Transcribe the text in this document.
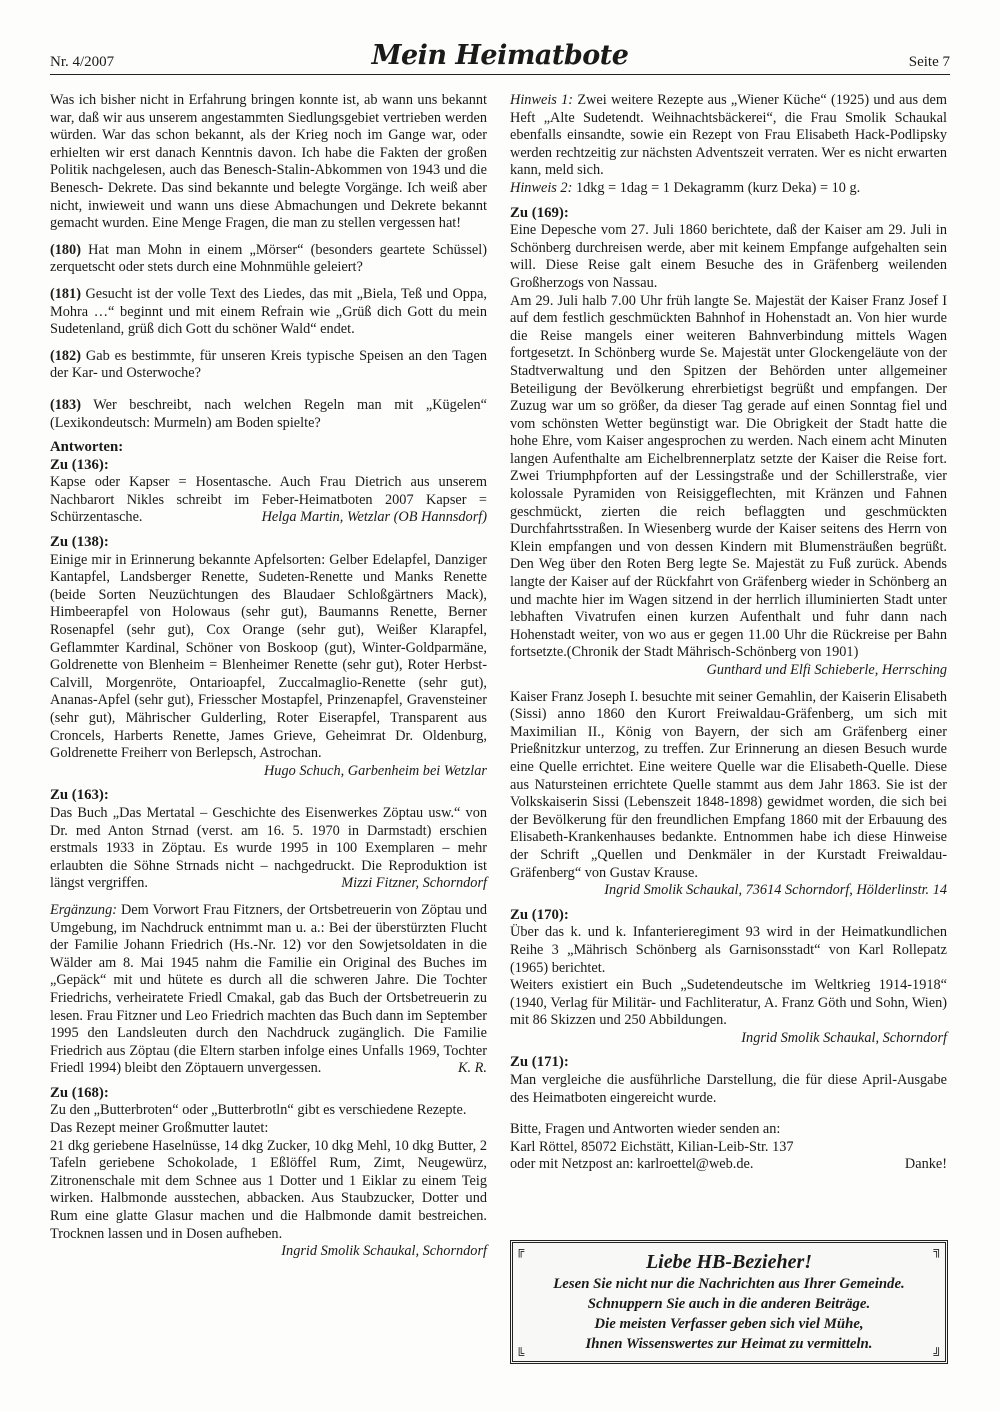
Nr. 4/2007	Mein Heimatbote	Seite 7

Was ich bisher nicht in Erfahrung bringen konnte ist, ab wann uns bekannt war, daß wir aus unserem angestammten Siedlungsgebiet vertrieben werden würden. War das schon bekannt, als der Krieg noch im Gange war, oder erhielten wir erst danach Kenntnis davon. Ich habe die Fakten der großen Politik nachgelesen, auch das Benesch-Stalin-Abkommen von 1943 und die Benesch- Dekrete. Das sind bekannte und belegte Vorgänge. Ich weiß aber nicht, inwieweit und wann uns diese Abmachungen und Dekrete bekannt gemacht wurden. Eine Menge Fragen, die man zu stellen vergessen hat!

(180) Hat man Mohn in einem „Mörser“ (besonders geartete Schüssel) zerquetscht oder stets durch eine Mohnmühle geleiert?

(181) Gesucht ist der volle Text des Liedes, das mit „Biela, Teß und Oppa, Mohra …“ beginnt und mit einem Refrain wie „Grüß dich Gott du mein Sudetenland, grüß dich Gott du schöner Wald“ endet.

(182) Gab es bestimmte, für unseren Kreis typische Speisen an den Tagen der Kar- und Osterwoche?

(183) Wer beschreibt, nach welchen Regeln man mit „Kügelen“ (Lexikondeutsch: Murmeln) am Boden spielte?

Antworten:

Zu (136):

Kapse oder Kapser = Hosentasche. Auch Frau Dietrich aus unserem Nachbarort Nikles schreibt im Feber-Heimatboten 2007 Kapser = Schürzentasche.	Helga Martin, Wetzlar (OB Hannsdorf)

Zu (138):

Einige mir in Erinnerung bekannte Apfelsorten: Gelber Edelapfel, Danziger Kantapfel, Landsberger Renette, Sudeten-Renette und Manks Renette (beide Sorten Neuzüchtungen des Blaudaer Schloßgärtners Mack), Himbeerapfel von Holowaus (sehr gut), Baumanns Renette, Berner Rosenapfel (sehr gut), Cox Orange (sehr gut), Weißer Klarapfel, Geflammter Kardinal, Schöner von Boskoop (gut), Winter-Goldparmäne, Goldrenette von Blenheim = Blenheimer Renette (sehr gut), Roter Herbst-Calvill, Morgenröte, Ontarioapfel, Zuccalmaglio-Renette (sehr gut), Ananas-Apfel (sehr gut), Friesscher Mostapfel, Prinzenapfel, Gravensteiner (sehr gut), Mährischer Gulderling, Roter Eiserapfel, Transparent aus Croncels, Harberts Renette, James Grieve, Geheimrat Dr. Oldenburg, Goldrenette Freiherr von Berlepsch, Astrochan.

Hugo Schuch, Garbenheim bei Wetzlar

Zu (163):

Das Buch „Das Mertatal – Geschichte des Eisenwerkes Zöptau usw.“ von Dr. med Anton Strnad (verst. am 16. 5. 1970 in Darmstadt) erschien erstmals 1933 in Zöptau. Es wurde 1995 in 100 Exemplaren – mehr erlaubten die Söhne Strnads nicht – nachgedruckt. Die Reproduktion ist längst vergriffen.	Mizzi Fitzner, Schorndorf

Ergänzung: Dem Vorwort Frau Fitzners, der Ortsbetreuerin von Zöptau und Umgebung, im Nachdruck entnimmt man u. a.: Bei der überstürzten Flucht der Familie Johann Friedrich (Hs.-Nr. 12) vor den Sowjetsoldaten in die Wälder am 8. Mai 1945 nahm die Familie ein Original des Buches im „Gepäck“ mit und hütete es durch all die schweren Jahre. Die Tochter Friedrichs, verheiratete Friedl Cmakal, gab das Buch der Ortsbetreuerin zu lesen. Frau Fitzner und Leo Friedrich machten das Buch dann im September 1995 den Landsleuten durch den Nachdruck zugänglich. Die Familie Friedrich aus Zöptau (die Eltern starben infolge eines Unfalls 1969, Tochter Friedl 1994) bleibt den Zöptauern unvergessen.	K. R.

Zu (168):

Zu den „Butterbroten“ oder „Butterbrotln“ gibt es verschiedene Rezepte.

Das Rezept meiner Großmutter lautet:

21 dkg geriebene Haselnüsse, 14 dkg Zucker, 10 dkg Mehl, 10 dkg Butter, 2 Tafeln geriebene Schokolade, 1 Eßlöffel Rum, Zimt, Neugewürz, Zitronenschale mit dem Schnee aus 1 Dotter und 1 Eiklar zu einem Teig wirken. Halbmonde ausstechen, abbacken. Aus Staubzucker, Dotter und Rum eine glatte Glasur machen und die Halbmonde damit bestreichen. Trocknen lassen und in Dosen aufheben.

Ingrid Smolik Schaukal, Schorndorf

Hinweis 1: Zwei weitere Rezepte aus „Wiener Küche“ (1925) und aus dem Heft „Alte Sudetendt. Weihnachtsbäckerei“, die Frau Smolik Schaukal ebenfalls einsandte, sowie ein Rezept von Frau Elisabeth Hack-Podlipsky werden rechtzeitig zur nächsten Adventszeit verraten. Wer es nicht erwarten kann, meld sich.

Hinweis 2: 1dkg = 1dag = 1 Dekagramm (kurz Deka) = 10 g.

Zu (169):

Eine Depesche vom 27. Juli 1860 berichtete, daß der Kaiser am 29. Juli in Schönberg durchreisen werde, aber mit keinem Empfange aufgehalten sein will. Diese Reise galt einem Besuche des in Gräfenberg weilenden Großherzogs von Nassau.

Am 29. Juli halb 7.00 Uhr früh langte Se. Majestät der Kaiser Franz Josef I auf dem festlich geschmückten Bahnhof in Hohenstadt an. Von hier wurde die Reise mangels einer weiteren Bahnverbindung mittels Wagen fortgesetzt. In Schönberg wurde Se. Majestät unter Glockengeläute von der Stadtverwaltung und den Spitzen der Behörden unter allgemeiner Beteiligung der Bevölkerung ehrerbietigst begrüßt und empfangen. Der Zuzug war um so größer, da dieser Tag gerade auf einen Sonntag fiel und vom schönsten Wetter begünstigt war. Die Obrigkeit der Stadt hatte die hohe Ehre, vom Kaiser angesprochen zu werden. Nach einem acht Minuten langen Aufenthalte am Eichelbrennerplatz setzte der Kaiser die Reise fort. Zwei Triumphpforten auf der Lessingstraße und der Schillerstraße, vier kolossale Pyramiden von Reisiggeflechten, mit Kränzen und Fahnen geschmückt, zierten die reich beflaggten und geschmückten Durchfahrtsstraßen. In Wiesenberg wurde der Kaiser seitens des Herrn von Klein empfangen und von dessen Kindern mit Blumensträußen begrüßt. Den Weg über den Roten Berg legte Se. Majestät zu Fuß zurück. Abends langte der Kaiser auf der Rückfahrt von Gräfenberg wieder in Schönberg an und machte hier im Wagen sitzend in der herrlich illuminierten Stadt unter lebhaften Vivatrufen einen kurzen Aufenthalt und fuhr dann nach Hohenstadt weiter, von wo aus er gegen 11.00 Uhr die Rückreise per Bahn fortsetzte.(Chronik der Stadt Mährisch-Schönberg von 1901)
Gunthard und Elfi Schieberle, Herrsching

Kaiser Franz Joseph I. besuchte mit seiner Gemahlin, der Kaiserin Elisabeth (Sissi) anno 1860 den Kurort Freiwaldau-Gräfenberg, um sich mit Maximilian II., König von Bayern, der sich am Gräfenberg einer Prießnitzkur unterzog, zu treffen. Zur Erinnerung an diesen Besuch wurde eine Quelle errichtet. Eine weitere Quelle war die Elisabeth-Quelle. Diese aus Natursteinen errichtete Quelle stammt aus dem Jahr 1863. Sie ist der Volkskaiserin Sissi (Lebenszeit 1848-1898) gewidmet worden, die sich bei der Bevölkerung für den freundlichen Empfang 1860 mit der Erbauung des Elisabeth-Krankenhauses bedankte. Entnommen habe ich diese Hinweise der Schrift „Quellen und Denkmäler in der Kurstadt Freiwaldau-Gräfenberg“ von Gustav Krause.

Ingrid Smolik Schaukal, 73614 Schorndorf, Hölderlinstr. 14

Zu (170):

Über das k. und k. Infanterieregiment 93 wird in der Heimatkundlichen Reihe 3 „Mährisch Schönberg als Garnisonsstadt“ von Karl Rollepatz (1965) berichtet.

Weiters existiert ein Buch „Sudetendeutsche im Weltkrieg 1914-1918“ (1940, Verlag für Militär- und Fachliteratur, A. Franz Göth und Sohn, Wien) mit 86 Skizzen und 250 Abbildungen.

Ingrid Smolik Schaukal, Schorndorf

Zu (171):

Man vergleiche die ausführliche Darstellung, die für diese April-Ausgabe des Heimatboten eingereicht wurde.

Bitte, Fragen und Antworten wieder senden an:

Karl Röttel, 85072 Eichstätt, Kilian-Leib-Str. 137

oder mit Netzpost an: karlroettel@web.de.	Danke!

╔	╗
╚	╝
Liebe HB-Bezieher!
Lesen Sie nicht nur die Nachrichten aus Ihrer Gemeinde.
Schnuppern Sie auch in die anderen Beiträge.
Die meisten Verfasser geben sich viel Mühe,
Ihnen Wissenswertes zur Heimat zu vermitteln.
